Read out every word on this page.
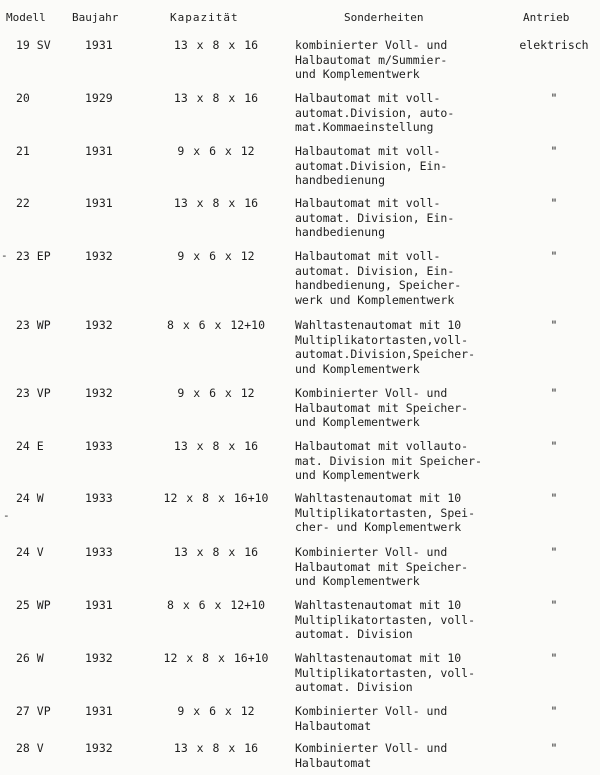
Modell Baujahr	Kapazität	Sonderheiten	Antrieb
19 SV	1931	13 x 8 x 16	kombinierter Voll- und
Halbautomat m/Summier-
und Komplementwerk
elektrisch
20	1929	13 x 8 x 16	Halbautomat mit voll-
automat.Division, auto-
mat.Kommaeinstellung
"
21	1931	9 x 6 x 12	Halbautomat mit voll-
automat.Division, Ein-
handbedienung
"
22	1931	13 x 8 x 16	Halbautomat mit voll-
automat. Division, Ein-
handbedienung
"
23 EP	1932	9 x 6 x 12	Halbautomat mit voll-
automat. Division, Ein-
handbedienung, Speicher-
werk und Komplementwerk
"
23 WP	1932	8 x 6 x 12+10	Wahltastenautomat mit 10
Multiplikatortasten,voll-
automat.Division,Speicher-
und Komplementwerk
"
23 VP	1932	9 x 6 x 12	Kombinierter Voll- und
Halbautomat mit Speicher-
und Komplementwerk
"
24 E	1933	13 x 8 x 16	Halbautomat mit vollauto-
mat. Division mit Speicher-
und Komplementwerk
"
24 W	1933	12 x 8 x 16+10	Wahltastenautomat mit 10
Multiplikatortasten, Spei-
cher- und Komplementwerk
"
24 V	1933	13 x 8 x 16	Kombinierter Voll- und
Halbautomat mit Speicher-
und Komplementwerk
"
25 WP	1931	8 x 6 x 12+10	Wahltastenautomat mit 10
Multiplikatortasten, voll-
automat. Division
"
26 W	1932	12 x 8 x 16+10	Wahltastenautomat mit 10
Multiplikatortasten, voll-
automat. Division
"
27 VP	1931	9 x 6 x 12	Kombinierter Voll- und
Halbautomat
"
28 V	1932	13 x 8 x 16	Kombinierter Voll- und
Halbautomat
"
-
-
